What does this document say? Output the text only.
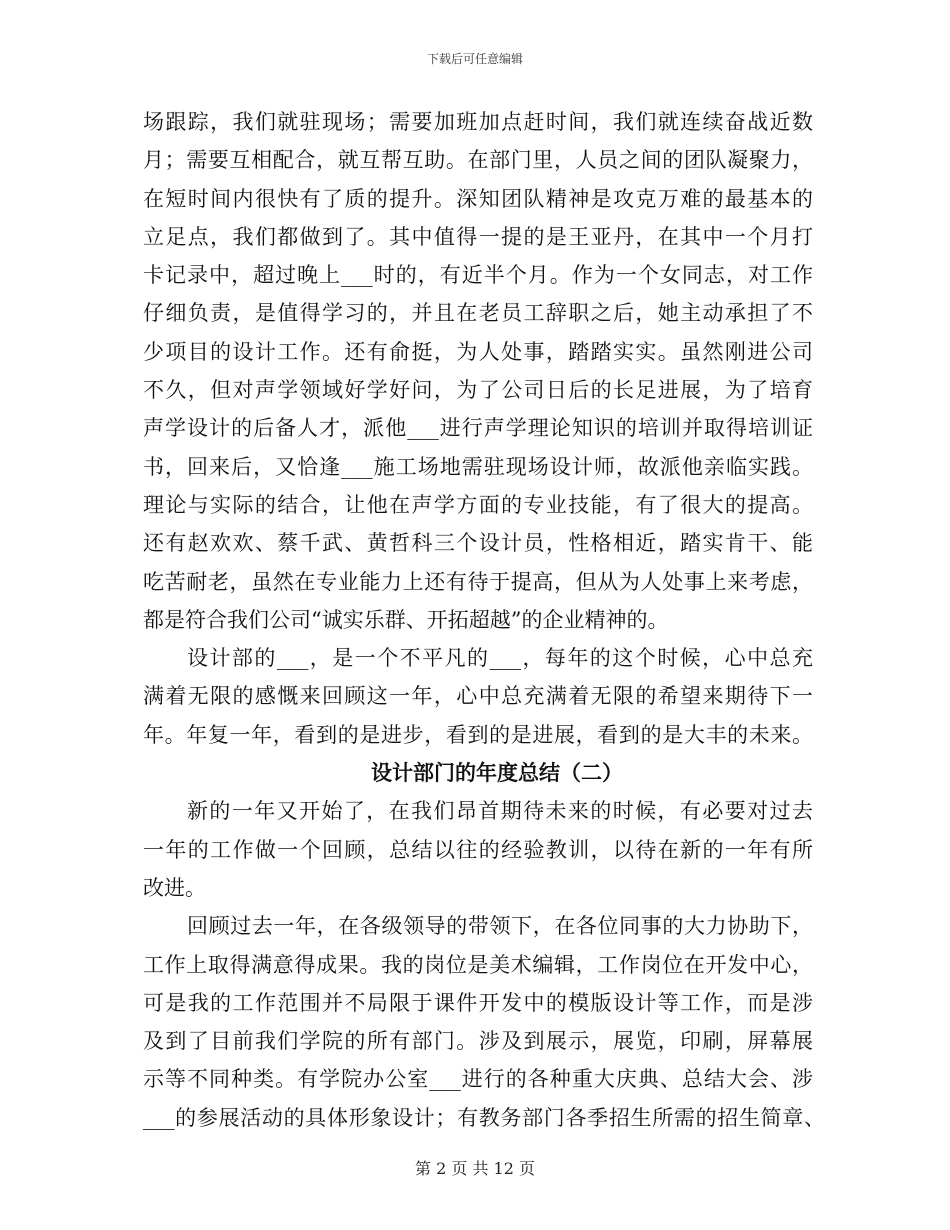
下载后可任意编辑
场跟踪，我们就驻现场；需要加班加点赶时间，我们就连续奋战近数
月；需要互相配合，就互帮互助。在部门里，人员之间的团队凝聚力，
在短时间内很快有了质的提升。深知团队精神是攻克万难的最基本的
立足点，我们都做到了。其中值得一提的是王亚丹，在其中一个月打
卡记录中，超过晚上___时的，有近半个月。作为一个女同志，对工作
仔细负责，是值得学习的，并且在老员工辞职之后，她主动承担了不
少项目的设计工作。还有俞挺，为人处事，踏踏实实。虽然刚进公司
不久，但对声学领域好学好问，为了公司日后的长足进展，为了培育
声学设计的后备人才，派他___进行声学理论知识的培训并取得培训证
书，回来后，又恰逢___施工场地需驻现场设计师，故派他亲临实践。
理论与实际的结合，让他在声学方面的专业技能，有了很大的提高。
还有赵欢欢、蔡千武、黄哲科三个设计员，性格相近，踏实肯干、能
吃苦耐老，虽然在专业能力上还有待于提高，但从为人处事上来考虑，
都是符合我们公司“诚实乐群、开拓超越”的企业精神的。
设计部的___，是一个不平凡的___，每年的这个时候，心中总充
满着无限的感慨来回顾这一年，心中总充满着无限的希望来期待下一
年。年复一年，看到的是进步，看到的是进展，看到的是大丰的未来。
设计部门的年度总结（二）
新的一年又开始了，在我们昂首期待未来的时候，有必要对过去
一年的工作做一个回顾，总结以往的经验教训，以待在新的一年有所
改进。
回顾过去一年，在各级领导的带领下，在各位同事的大力协助下，
工作上取得满意得成果。我的岗位是美术编辑，工作岗位在开发中心，
可是我的工作范围并不局限于课件开发中的模版设计等工作，而是涉
及到了目前我们学院的所有部门。涉及到展示，展览，印刷，屏幕展
示等不同种类。有学院办公室___进行的各种重大庆典、总结大会、涉
___的参展活动的具体形象设计；有教务部门各季招生所需的招生简章、
第 2 页 共 12 页
